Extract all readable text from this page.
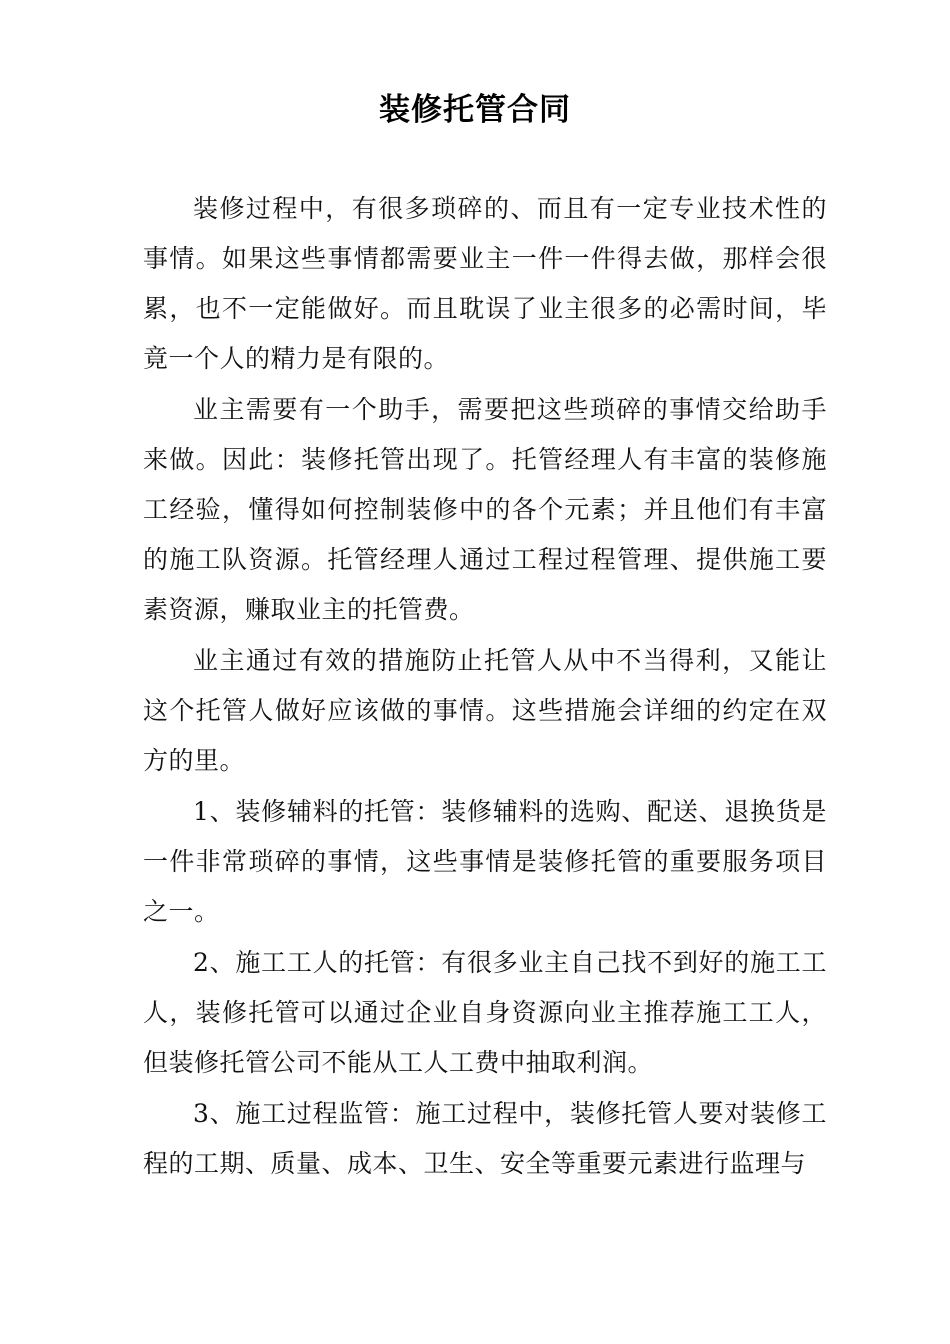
装修托管合同

装修过程中，有很多琐碎的、而且有一定专业技术性的事情。如果这些事情都需要业主一件一件得去做，那样会很累，也不一定能做好。而且耽误了业主很多的必需时间，毕竟一个人的精力是有限的。

业主需要有一个助手，需要把这些琐碎的事情交给助手来做。因此：装修托管出现了。托管经理人有丰富的装修施工经验，懂得如何控制装修中的各个元素；并且他们有丰富的施工队资源。托管经理人通过工程过程管理、提供施工要素资源，赚取业主的托管费。

业主通过有效的措施防止托管人从中不当得利，又能让这个托管人做好应该做的事情。这些措施会详细的约定在双方的里。

1、装修辅料的托管：装修辅料的选购、配送、退换货是一件非常琐碎的事情，这些事情是装修托管的重要服务项目之一。

2、施工工人的托管：有很多业主自己找不到好的施工工人，装修托管可以通过企业自身资源向业主推荐施工工人，但装修托管公司不能从工人工费中抽取利润。

3、施工过程监管：施工过程中，装修托管人要对装修工程的工期、质量、成本、卫生、安全等重要元素进行监理与
